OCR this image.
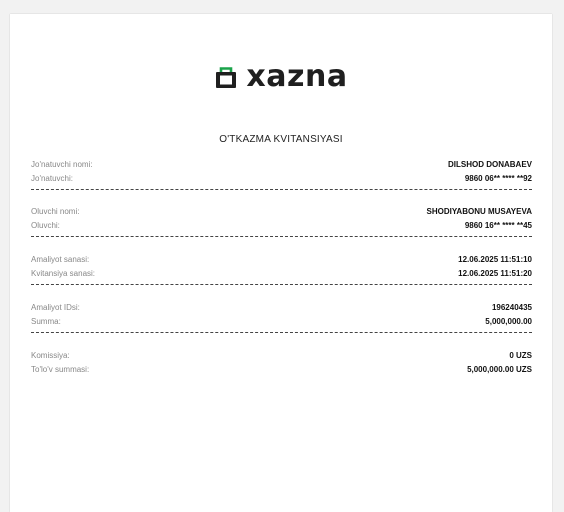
xazna
O'TKAZMA KVITANSIYASI
Jo'natuvchi nomi:	DILSHOD DONABAEV
Jo'natuvchi:	9860 06** **** **92
Oluvchi nomi:	SHODIYABONU MUSAYEVA
Oluvchi:	9860 16** **** **45
Amaliyot sanasi:	12.06.2025 11:51:10
Kvitansiya sanasi:	12.06.2025 11:51:20
Amaliyot IDsi:	196240435
Summa:	5,000,000.00
Komissiya:	0 UZS
To'lo'v summasi:	5,000,000.00 UZS
